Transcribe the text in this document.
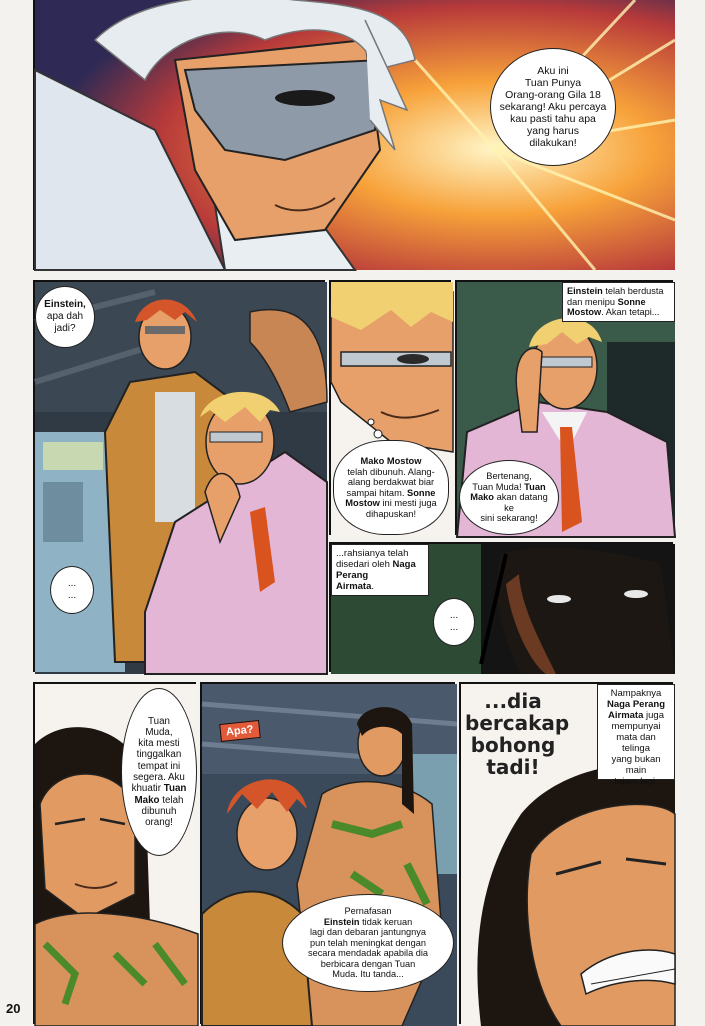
Aku ini
Tuan Punya
Orang-orang Gila 18
sekarang! Aku percaya
kau pasti tahu apa
yang harus
dilakukan!
Einstein,
apa dah
jadi?
...
...
Mako Mostow
telah dibunuh. Alang-
alang berdakwat biar
sampai hitam. Sonne
Mostow ini mesti juga
dihapuskan!
Einstein telah berdusta dan menipu Sonne Mostow. Akan tetapi...
Bertenang,
Tuan Muda! Tuan
Mako akan datang ke
sini sekarang!
...rahsianya telah
disedari oleh Naga Perang
Airmata.
...
...
Tuan
Muda,
kita mesti
tinggalkan
tempat ini
segera. Aku
khuatir Tuan
Mako telah
dibunuh
orang!
20
Apa?
Pernafasan
Einstein tidak keruan
lagi dan debaran jantungnya
pun telah meningkat dengan
secara mendadak apabila dia
berbicara dengan Tuan
Muda. Itu tanda...
...dia
bercakap
bohong
tadi!
Nampaknya
Naga Perang
Airmata juga mempunyai
mata dan telinga
yang bukan main
tajam lagi.
